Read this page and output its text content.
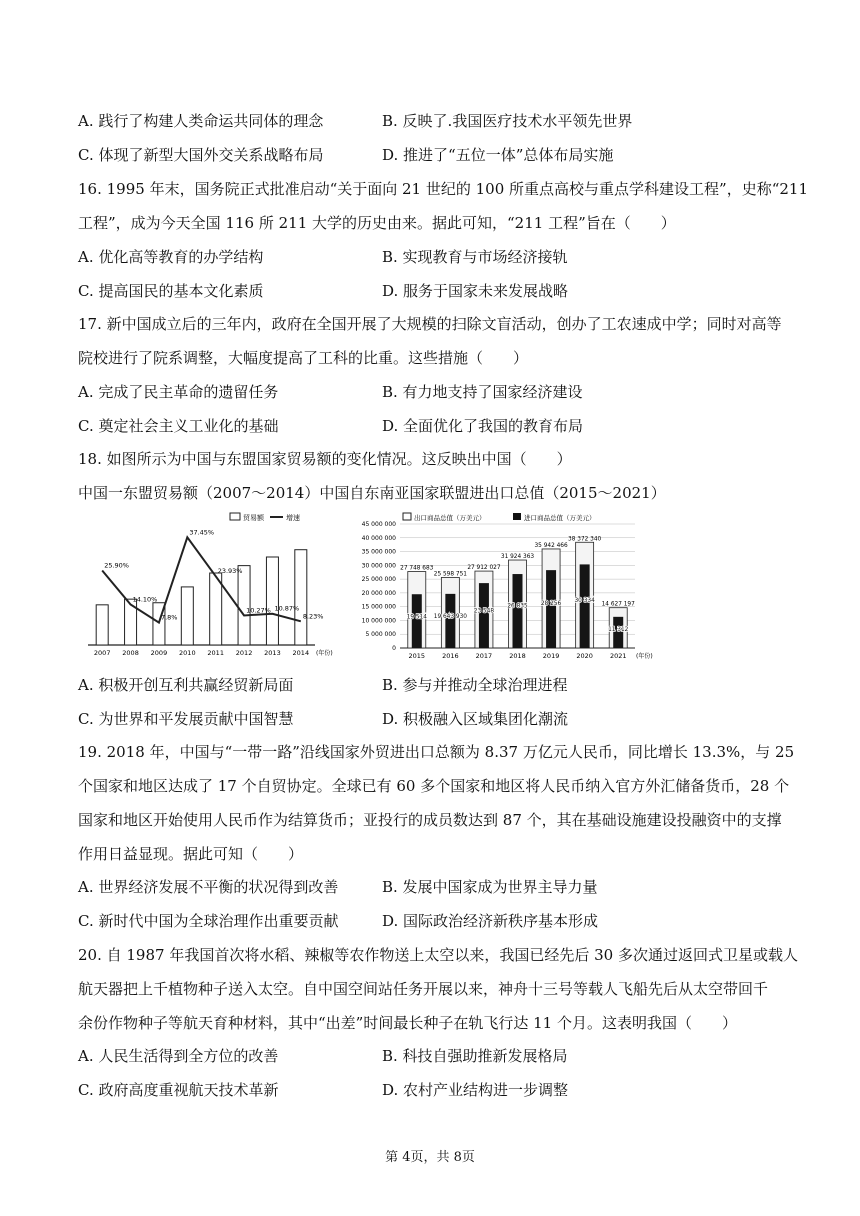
A. 践行了构建人类命运共同体的理念	B. 反映了.我国医疗技术水平领先世界
C. 体现了新型大国外交关系战略布局	D. 推进了“五位一体”总体布局实施
16. 1995 年末，国务院正式批准启动“关于面向 21 世纪的 100 所重点高校与重点学科建设工程”，史称“211
工程”，成为今天全国 116 所 211 大学的历史由来。据此可知，“211 工程”旨在（　　）
A. 优化高等教育的办学结构	B. 实现教育与市场经济接轨
C. 提高国民的基本文化素质	D. 服务于国家未来发展战略
17. 新中国成立后的三年内，政府在全国开展了大规模的扫除文盲活动，创办了工农速成中学；同时对高等
院校进行了院系调整，大幅度提高了工科的比重。这些措施（　　）
A. 完成了民主革命的遗留任务	B. 有力地支持了国家经济建设
C. 奠定社会主义工业化的基础	D. 全面优化了我国的教育布局
18. 如图所示为中国与东盟国家贸易额的变化情况。这反映出中国（　　）
中国一东盟贸易额（2007～2014）中国自东南亚国家联盟进出口总值（2015～2021）
贸易额	增速
2007 2008 2009 2010 2011 2012 2013 2014 (年份)
25.90%
14.10%
7.8%
37.45%
23.93%
10.27% 10.87%
8.23%
45 000 000
40 000 000
35 000 000
30 000 000
25 000 000
20 000 000
15 000 000
10 000 000
5 000 000
0
出口商品总值（万美元）	进口商品总值（万美元）
27 748 683
19 514
2015
25 598 751
19 643 930
2016
27 912 027
23 548
2017
31 924 363
26 835
2018
35 942 466
28 256
2019
38 372 340
30 334
2020
14 627 197
11 312
2021 (年份)
A. 积极开创互利共赢经贸新局面	B. 参与并推动全球治理进程
C. 为世界和平发展贡献中国智慧	D. 积极融入区域集团化潮流
19. 2018 年，中国与“一带一路”沿线国家外贸进出口总额为 8.37 万亿元人民币，同比增长 13.3%，与 25
个国家和地区达成了 17 个自贸协定。全球已有 60 多个国家和地区将人民币纳入官方外汇储备货币，28 个
国家和地区开始使用人民币作为结算货币；亚投行的成员数达到 87 个，其在基础设施建设投融资中的支撑
作用日益显现。据此可知（　　）
A. 世界经济发展不平衡的状况得到改善	B. 发展中国家成为世界主导力量
C. 新时代中国为全球治理作出重要贡献	D. 国际政治经济新秩序基本形成
20. 自 1987 年我国首次将水稻、辣椒等农作物送上太空以来，我国已经先后 30 多次通过返回式卫星或载人
航天器把上千植物种子送入太空。自中国空间站任务开展以来，神舟十三号等载人飞船先后从太空带回千
余份作物种子等航天育种材料，其中“出差”时间最长种子在轨飞行达 11 个月。这表明我国（　　）
A. 人民生活得到全方位的改善	B. 科技自强助推新发展格局
C. 政府高度重视航天技术革新	D. 农村产业结构进一步调整
第 4页，共 8页
